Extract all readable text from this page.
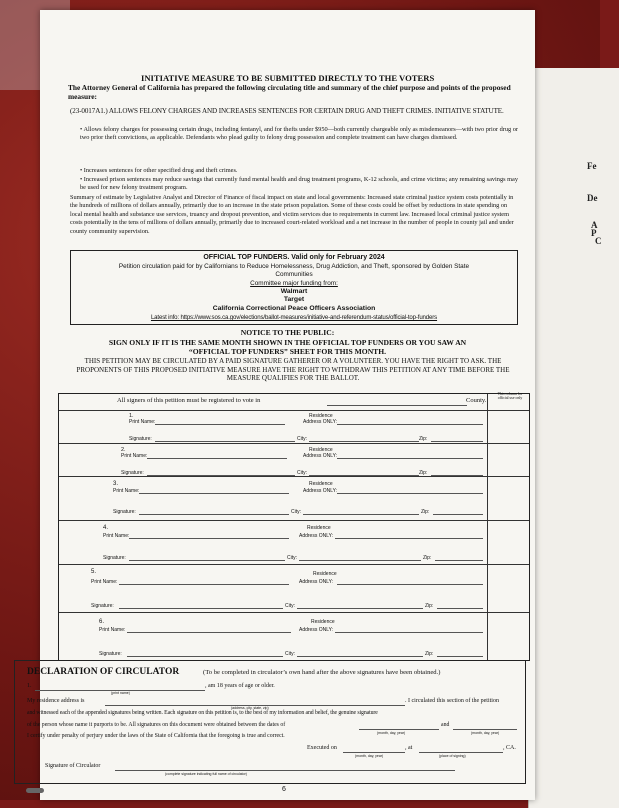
Fe
De
A
P
C
INITIATIVE MEASURE TO BE SUBMITTED DIRECTLY TO THE VOTERS
The Attorney General of California has prepared the following circulating title and summary of the chief purpose and points of the proposed measure:
(23-0017A1.) ALLOWS FELONY CHARGES AND INCREASES SENTENCES FOR CERTAIN DRUG AND THEFT CRIMES. INITIATIVE STATUTE.
• Allows felony charges for possessing certain drugs, including fentanyl, and for thefts under $950—both currently chargeable only as misdemeanors—with two prior drug or two prior theft convictions, as applicable. Defendants who plead guilty to felony drug possession and complete treatment can have charges dismissed.
• Increases sentences for other specified drug and theft crimes.
• Increased prison sentences may reduce savings that currently fund mental health and drug treatment programs, K-12 schools, and crime victims; any remaining savings may be used for new felony treatment program.
Summary of estimate by Legislative Analyst and Director of Finance of fiscal impact on state and local governments: Increased state criminal justice system costs potentially in the hundreds of millions of dollars annually, primarily due to an increase in the state prison population. Some of these costs could be offset by reductions in state spending on local mental health and substance use services, truancy and dropout prevention, and victim services due to requirements in current law. Increased local criminal justice system costs potentially in the tens of millions of dollars annually, primarily due to increased court-related workload and a net increase in the number of people in county jail and under county community supervision.
OFFICIAL TOP FUNDERS. Valid only for February 2024
Petition circulation paid for by Californians to Reduce Homelessness, Drug Addiction, and Theft, sponsored by Golden State Communities
Committee major funding from:
Walmart
Target
California Correctional Peace Officers Association
Latest info: https://www.sos.ca.gov/elections/ballot-measures/initiative-and-referendum-status/official-top-funders
NOTICE TO THE PUBLIC:
SIGN ONLY IF IT IS THE SAME MONTH SHOWN IN THE OFFICIAL TOP FUNDERS OR YOU SAW AN
“OFFICIAL TOP FUNDERS” SHEET FOR THIS MONTH.
THIS PETITION MAY BE CIRCULATED BY A PAID SIGNATURE GATHERER OR A VOLUNTEER. YOU HAVE THE RIGHT TO ASK. THE PROPONENTS OF THIS PROPOSED INITIATIVE MEASURE HAVE THE RIGHT TO WITHDRAW THIS PETITION AT ANY TIME BEFORE THE MEASURE QUALIFIES FOR THE BALLOT.
All signers of this petition must be registered to vote in	County.
This column for official use only
1.
Print Name:
Residence
Address ONLY:
Signature:	City:	Zip:
2.
Print Name:
Residence
Address ONLY:
Signature:	City:	Zip:
3.
Print Name:
Residence
Address ONLY:
Signature:	City:	Zip:
4.
Print Name:
Residence
Address ONLY:
Signature:	City:	Zip:
5.
Print Name:
Residence
Address ONLY:
Signature:	City:	Zip:
6.
Print Name:
Residence
Address ONLY:
Signature:	City:	Zip:
DECLARATION OF CIRCULATOR	(To be completed in circulator’s own hand after the above signatures have been obtained.)
1.
(print name)
, am 18 years of age or older.
My residence address is
(address, city, state, zip)
. I circulated this section of the petition
and witnessed each of the appended signatures being written. Each signature on this petition is, to the best of my information and belief, the genuine signature
of the person whose name it purports to be. All signatures on this document were obtained between the dates of
(month, day, year)
and
(month, day, year)
I certify under penalty of perjury under the laws of the State of California that the foregoing is true and correct.
Executed on
(month, day, year)
, at
(place of signing)
, CA.
Signature of Circulator
(complete signature indicating full name of circulator)
6
